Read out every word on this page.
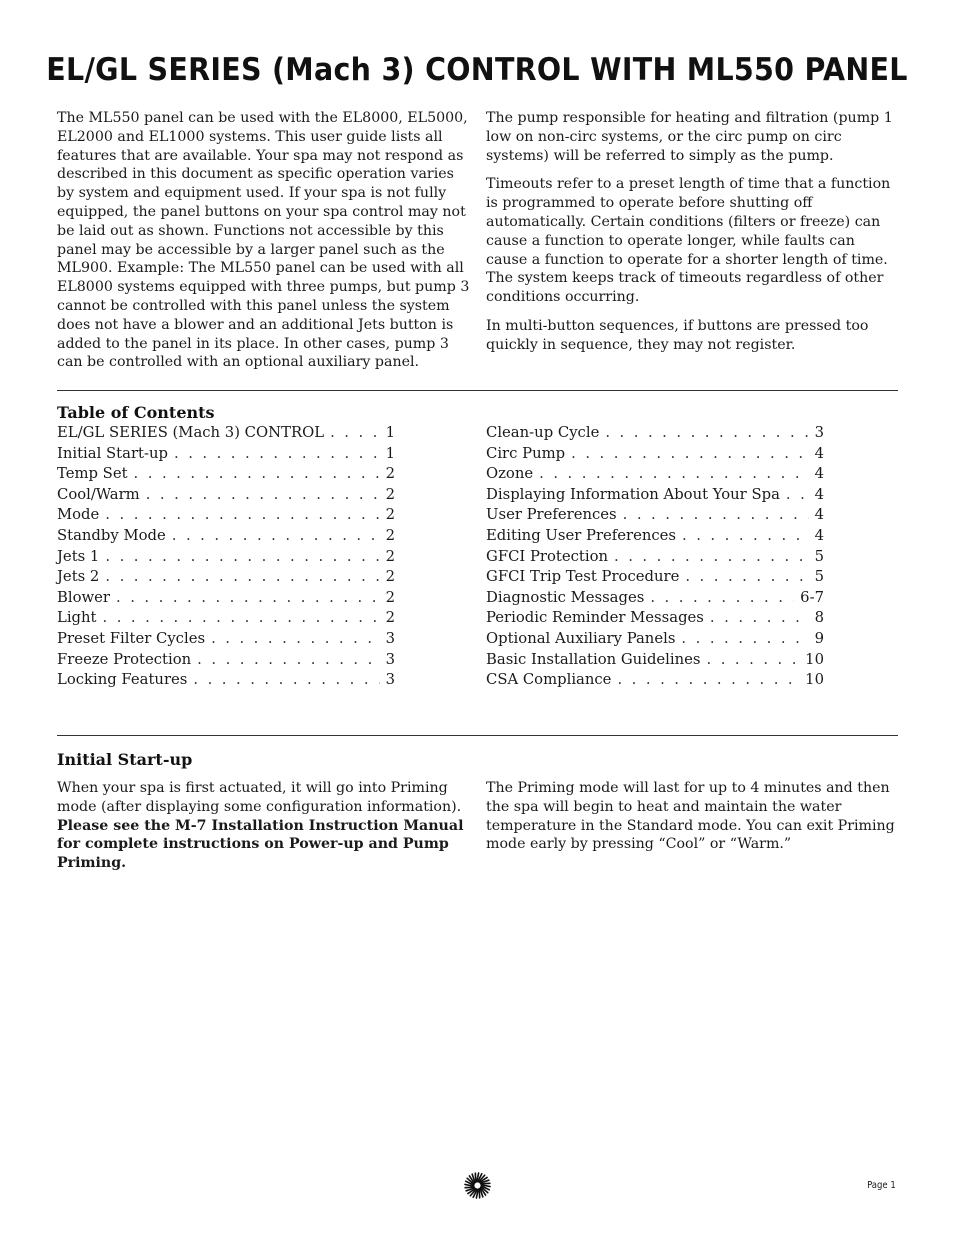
EL/GL SERIES (Mach 3) CONTROL WITH ML550 PANEL

The ML550 panel can be used with the EL8000, EL5000, EL2000 and EL1000 systems. This user guide lists all features that are available. Your spa may not respond as described in this document as specific operation varies by system and equipment used. If your spa is not fully equipped, the panel buttons on your spa control may not be laid out as shown. Functions not accessible by this panel may be accessible by a larger panel such as the ML900. Example: The ML550 panel can be used with all EL8000 systems equipped with three pumps, but pump 3 cannot be controlled with this panel unless the system does not have a blower and an additional Jets button is added to the panel in its place. In other cases, pump 3 can be controlled with an optional auxiliary panel.

The pump responsible for heating and filtration (pump 1 low on non-circ systems, or the circ pump on circ systems) will be referred to simply as the pump.

Timeouts refer to a preset length of time that a function is programmed to operate before shutting off automatically. Certain conditions (filters or freeze) can cause a function to operate longer, while faults can cause a function to operate for a shorter length of time. The system keeps track of timeouts regardless of other conditions occurring.

In multi-button sequences, if buttons are pressed too quickly in sequence, they may not register.

Table of Contents
EL/GL SERIES (Mach 3) CONTROL . . .	1
Initial Start-up . . .	1
Temp Set . . .	2
Cool/Warm . . .	2
Mode . . .	2
Standby Mode . . .	2
Jets 1 . . .	2
Jets 2 . . .	2
Blower . . .	2
Light . . .	2
Preset Filter Cycles . . .	3
Freeze Protection . . .	3
Locking Features . . .	3
Clean-up Cycle . . .	3
Circ Pump . . .	4
Ozone . . .	4
Displaying Information About Your Spa . . . 4
User Preferences . . .	4
Editing User Preferences . . .	4
GFCI Protection . . .	5
GFCI Trip Test Procedure . . .	5
Diagnostic Messages . . .	6-7
Periodic Reminder Messages . . .	8
Optional Auxiliary Panels . . .	9
Basic Installation Guidelines . . .	10
CSA Compliance . . .	10
Initial Start-up
When your spa is first actuated, it will go into Priming mode (after displaying some configuration information). Please see the M-7 Installation Instruction Manual for complete instructions on Power-up and Pump Priming.
The Priming mode will last for up to 4 minutes and then the spa will begin to heat and maintain the water temperature in the Standard mode. You can exit Priming mode early by pressing “Cool” or “Warm.”
Page 1
